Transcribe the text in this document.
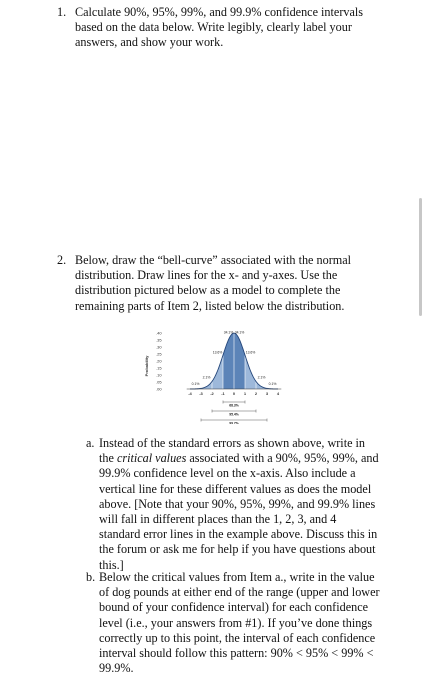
1. Calculate 90%, 95%, 99%, and 99.9% confidence intervals based on the data below. Write legibly, clearly label your answers, and show your work.
2. Below, draw the “bell-curve” associated with the normal distribution. Draw lines for the x- and y-axes. Use the distribution pictured below as a model to complete the remaining parts of Item 2, listed below the distribution.
Probability
.40
.35
.30
.25
.20
.15
.10
.05
.00
-4 -3 -2 -1 0 1 2 3 4
34.1% 34.1%
13.6%	13.6%
2.1%	2.1%
0.1%	0.1%
68.3%
95.4%
99.7%
a. Instead of the standard errors as shown above, write in the critical values associated with a 90%, 95%, 99%, and 99.9% confidence level on the x-axis. Also include a vertical line for these different values as does the model above. [Note that your 90%, 95%, 99%, and 99.9% lines will fall in different places than the 1, 2, 3, and 4 standard error lines in the example above. Discuss this in the forum or ask me for help if you have questions about this.]
b. Below the critical values from Item a., write in the value of dog pounds at either end of the range (upper and lower bound of your confidence interval) for each confidence level (i.e., your answers from #1). If you’ve done things correctly up to this point, the interval of each confidence interval should follow this pattern: 90% < 95% < 99% < 99.9%.
